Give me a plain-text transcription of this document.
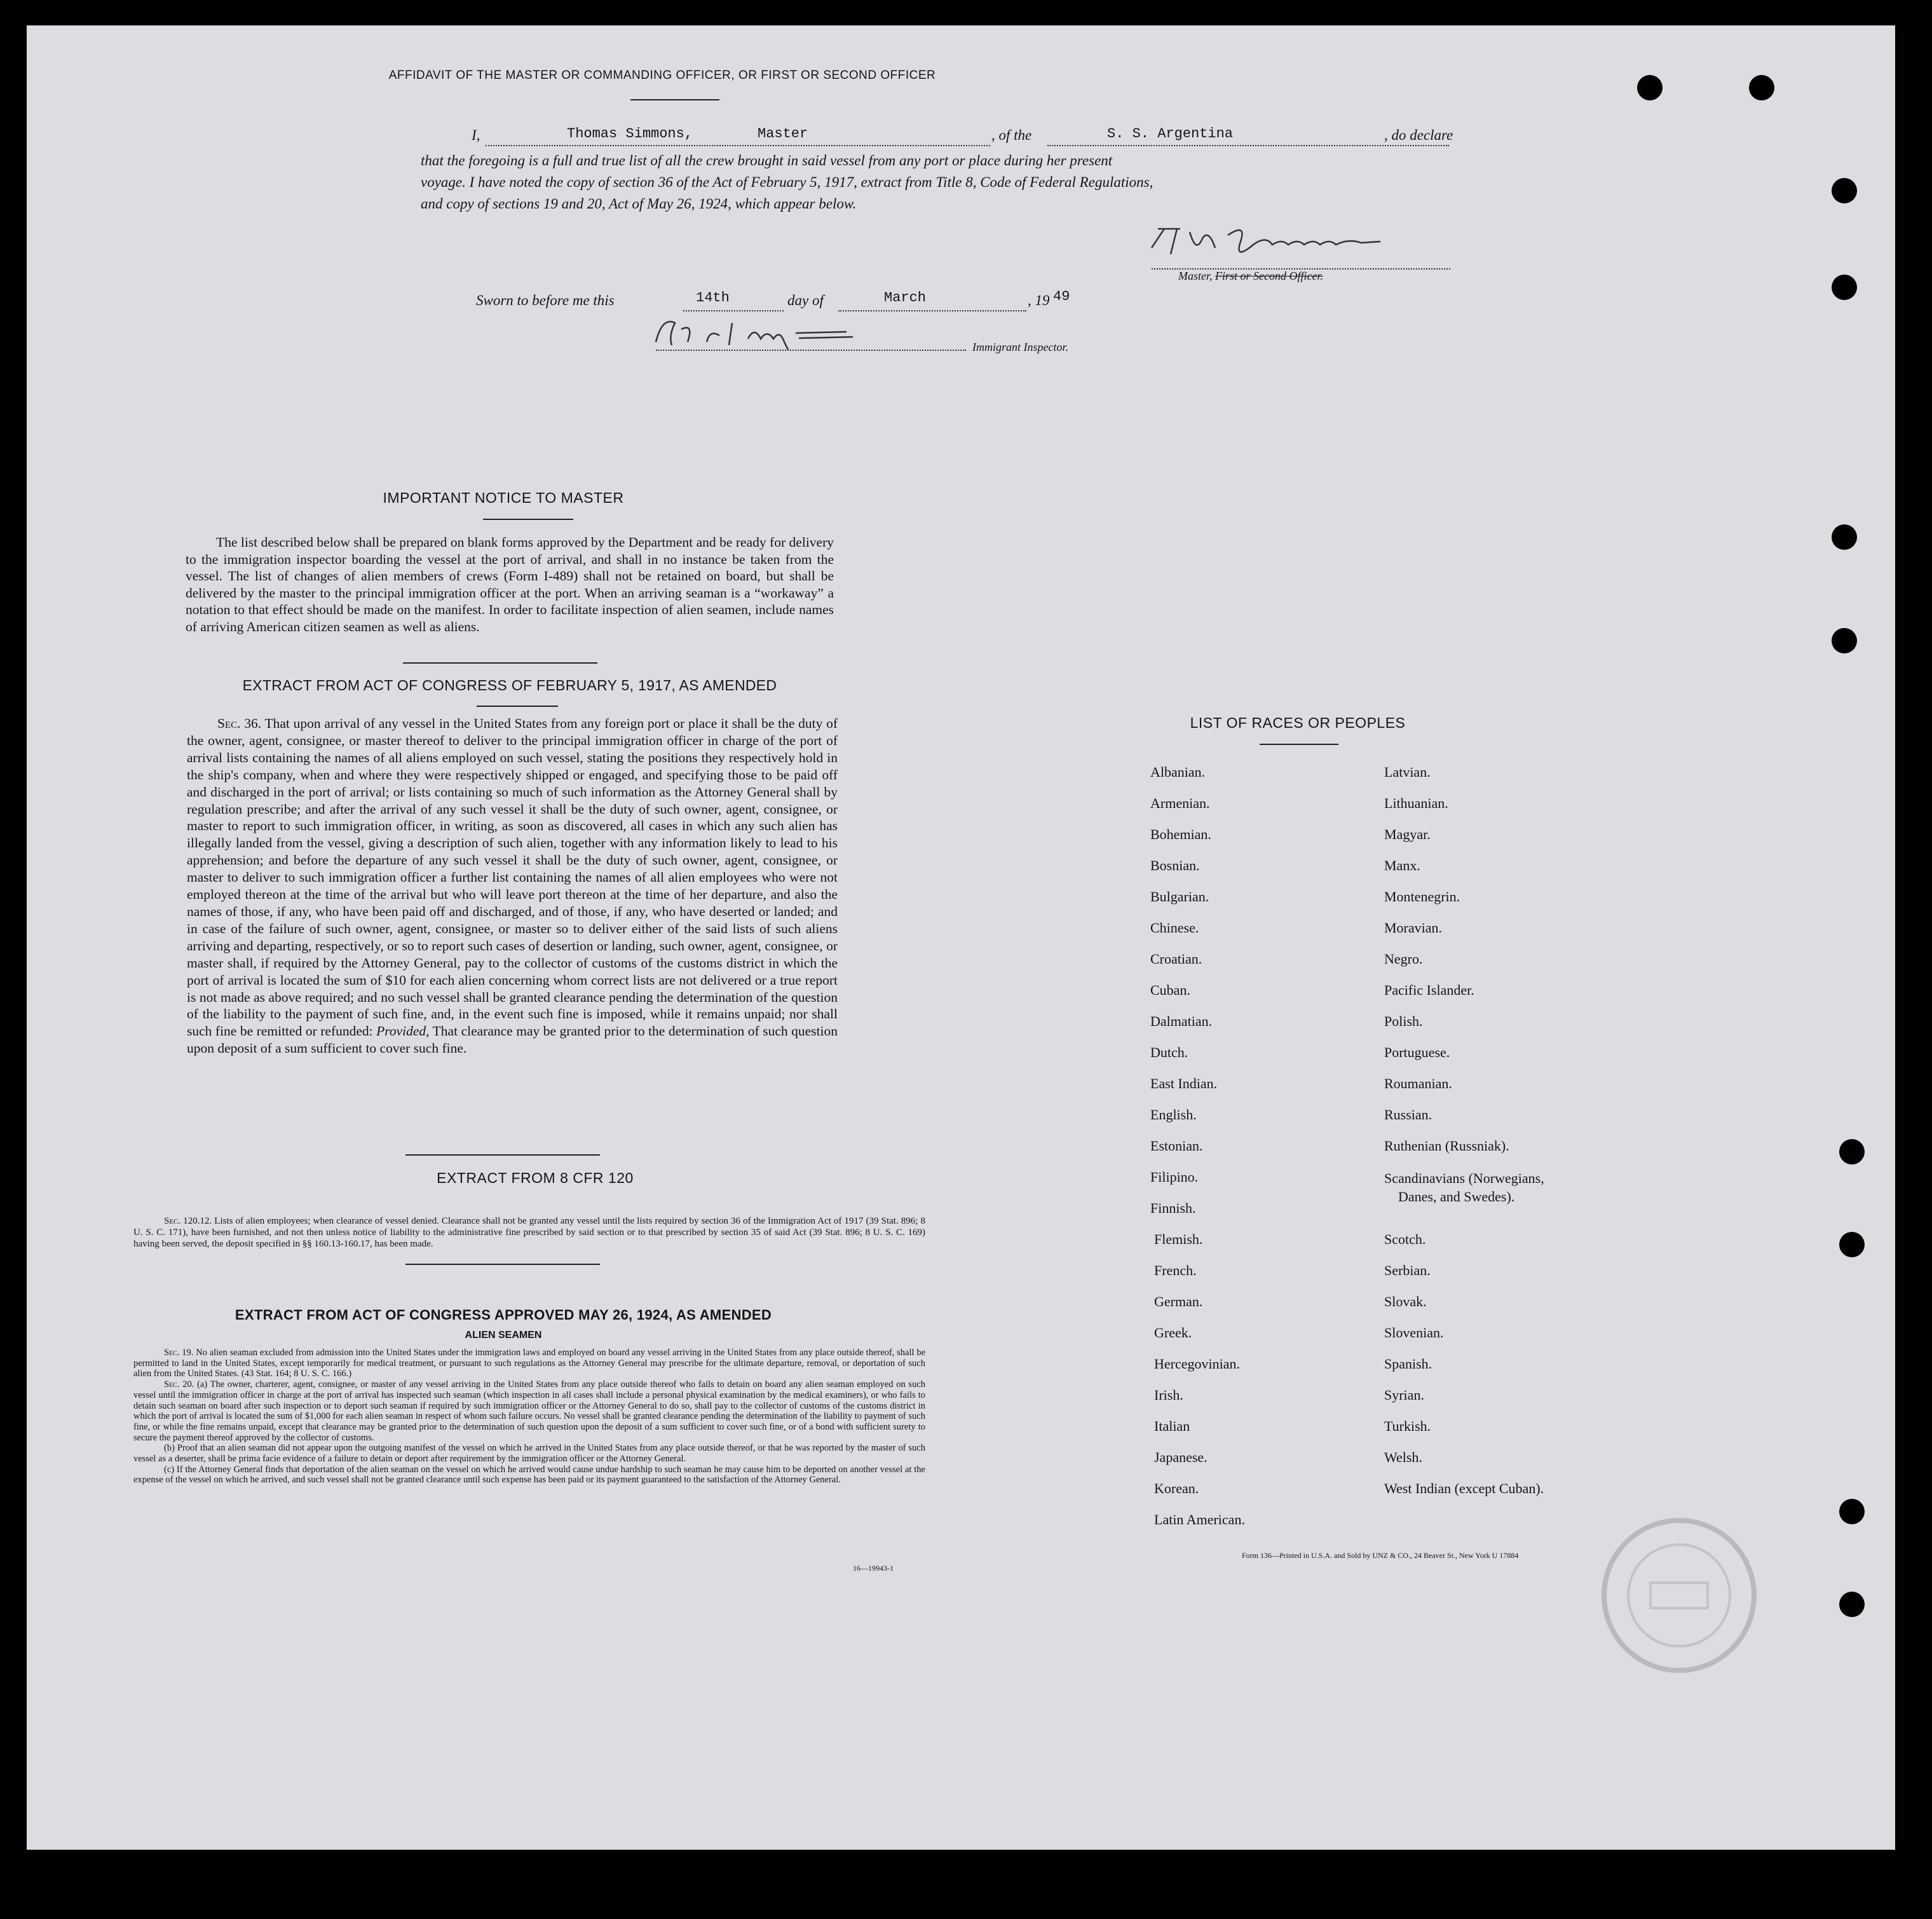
AFFIDAVIT OF THE MASTER OR COMMANDING OFFICER, OR FIRST OR SECOND OFFICER
I,	Thomas Simmons,	Master	, of the	S. S. Argentina	, do declare
that the foregoing is a full and true list of all the crew brought in said vessel from any port or place during her present
voyage. I have noted the copy of section 36 of the Act of February 5, 1917, extract from Title 8, Code of Federal Regulations,
and copy of sections 19 and 20, Act of May 26, 1924, which appear below.
Master, First or Second Officer.
Sworn to before me this	14th	day of	March	, 19 49
Immigrant Inspector.
IMPORTANT NOTICE TO MASTER
The list described below shall be prepared on blank forms approved by the Department and be ready for delivery to the immigration inspector boarding the vessel at the port of arrival, and shall in no instance be taken from the vessel. The list of changes of alien members of crews (Form I-489) shall not be retained on board, but shall be delivered by the master to the principal immigration officer at the port. When an arriving seaman is a “workaway” a notation to that effect should be made on the manifest. In order to facilitate inspection of alien seamen, include names of arriving American citizen seamen as well as aliens.
EXTRACT FROM ACT OF CONGRESS OF FEBRUARY 5, 1917, AS AMENDED
Sec. 36. That upon arrival of any vessel in the United States from any foreign port or place it shall be the duty of the owner, agent, consignee, or master thereof to deliver to the principal immigration officer in charge of the port of arrival lists containing the names of all aliens employed on such vessel, stating the positions they respectively hold in the ship's company, when and where they were respectively shipped or engaged, and specifying those to be paid off and discharged in the port of arrival; or lists containing so much of such information as the Attorney General shall by regulation prescribe; and after the arrival of any such vessel it shall be the duty of such owner, agent, consignee, or master to report to such immigration officer, in writing, as soon as discovered, all cases in which any such alien has illegally landed from the vessel, giving a description of such alien, together with any information likely to lead to his apprehension; and before the departure of any such vessel it shall be the duty of such owner, agent, consignee, or master to deliver to such immigration officer a further list containing the names of all alien employees who were not employed thereon at the time of the arrival but who will leave port thereon at the time of her departure, and also the names of those, if any, who have been paid off and discharged, and of those, if any, who have deserted or landed; and in case of the failure of such owner, agent, consignee, or master so to deliver either of the said lists of such aliens arriving and departing, respectively, or so to report such cases of desertion or landing, such owner, agent, consignee, or master shall, if required by the Attorney General, pay to the collector of customs of the customs district in which the port of arrival is located the sum of $10 for each alien concerning whom correct lists are not delivered or a true report is not made as above required; and no such vessel shall be granted clearance pending the determination of the question of the liability to the payment of such fine, and, in the event such fine is imposed, while it remains unpaid; nor shall such fine be remitted or refunded: Provided, That clearance may be granted prior to the determination of such question upon deposit of a sum sufficient to cover such fine.
EXTRACT FROM 8 CFR 120
Sec. 120.12. Lists of alien employees; when clearance of vessel denied. Clearance shall not be granted any vessel until the lists required by section 36 of the Immigration Act of 1917 (39 Stat. 896; 8 U. S. C. 171), have been furnished, and not then unless notice of liability to the administrative fine prescribed by said section or to that prescribed by section 35 of said Act (39 Stat. 896; 8 U. S. C. 169) having been served, the deposit specified in §§ 160.13-160.17, has been made.
EXTRACT FROM ACT OF CONGRESS APPROVED MAY 26, 1924, AS AMENDED
ALIEN SEAMEN

Sec. 19. No alien seaman excluded from admission into the United States under the immigration laws and employed on board any vessel arriving in the United States from any place outside thereof, shall be permitted to land in the United States, except temporarily for medical treatment, or pursuant to such regulations as the Attorney General may prescribe for the ultimate departure, removal, or deportation of such alien from the United States. (43 Stat. 164; 8 U. S. C. 166.)

Sec. 20. (a) The owner, charterer, agent, consignee, or master of any vessel arriving in the United States from any place outside thereof who fails to detain on board any alien seaman employed on such vessel until the immigration officer in charge at the port of arrival has inspected such seaman (which inspection in all cases shall include a personal physical examination by the medical examiners), or who fails to detain such seaman on board after such inspection or to deport such seaman if required by such immigration officer or the Attorney General to do so, shall pay to the collector of customs of the customs district in which the port of arrival is located the sum of $1,000 for each alien seaman in respect of whom such failure occurs. No vessel shall be granted clearance pending the determination of the liability to payment of such fine, or while the fine remains unpaid, except that clearance may be granted prior to the determination of such question upon the deposit of a sum sufficient to cover such fine, or of a bond with sufficient surety to secure the payment thereof approved by the collector of customs.

(b) Proof that an alien seaman did not appear upon the outgoing manifest of the vessel on which he arrived in the United States from any place outside thereof, or that he was reported by the master of such vessel as a deserter, shall be prima facie evidence of a failure to detain or deport after requirement by the immigration officer or the Attorney General.

(c) If the Attorney General finds that deportation of the alien seaman on the vessel on which he arrived would cause undue hardship to such seaman he may cause him to be deported on another vessel at the expense of the vessel on which he arrived, and such vessel shall not be granted clearance until such expense has been paid or its payment guaranteed to the satisfaction of the Attorney General.

16—19943-1
LIST OF RACES OR PEOPLES
Albanian.
Armenian.
Bohemian.
Bosnian.
Bulgarian.
Chinese.
Croatian.
Cuban.
Dalmatian.
Dutch.
East Indian.
English.
Estonian.
Filipino.
Finnish.
Flemish.
French.
German.
Greek.
Hercegovinian.
Irish.
Italian
Japanese.
Korean.
Latin American.
Latvian.
Lithuanian.
Magyar.
Manx.
Montenegrin.
Moravian.
Negro.
Pacific Islander.
Polish.
Portuguese.
Roumanian.
Russian.
Ruthenian (Russniak).
Scandinavians (Norwegians,
Danes, and Swedes).
Scotch.
Serbian.
Slovak.
Slovenian.
Spanish.
Syrian.
Turkish.
Welsh.
West Indian (except Cuban).
Form 136—Printed in U.S.A. and Sold by UNZ & CO., 24 Beaver St., New York U 17884
